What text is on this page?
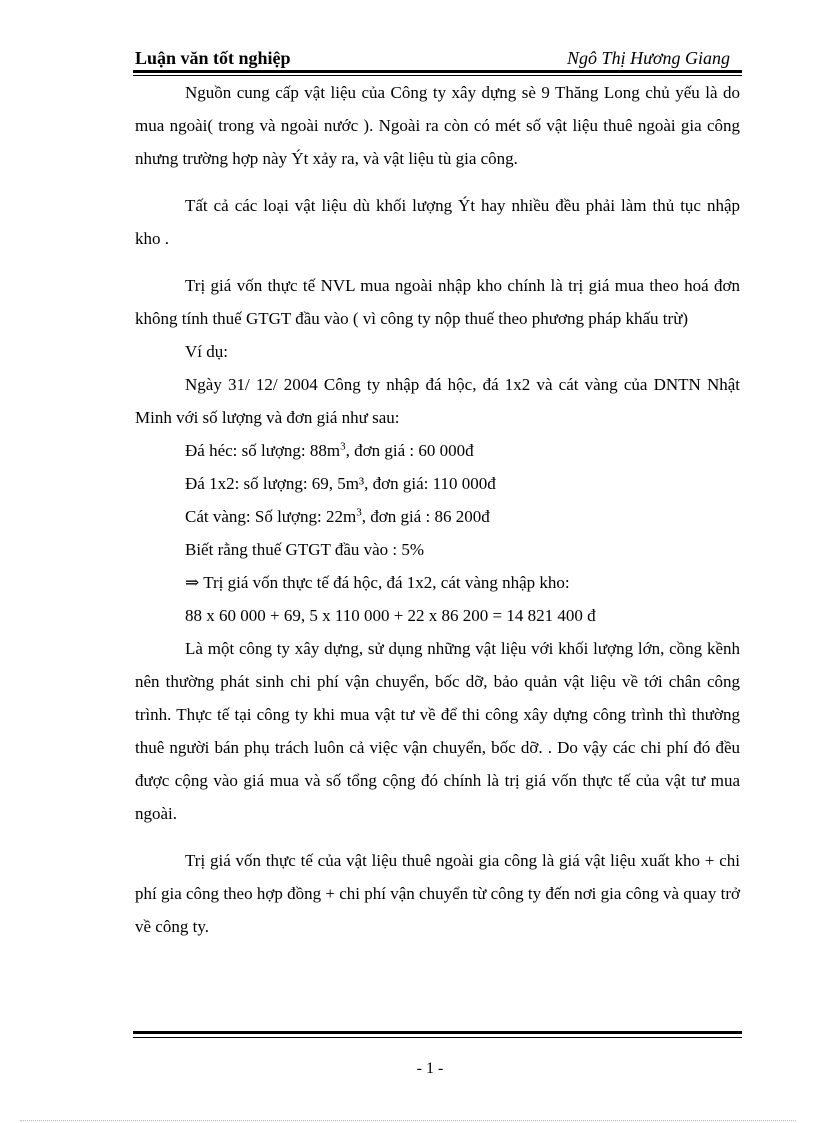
Luận văn tốt nghiệp	Ngô Thị Hương Giang

Nguồn cung cấp vật liệu của Công ty xây dựng sè 9 Thăng Long chủ yếu là do mua ngoài( trong và ngoài nước ). Ngoài ra còn có mét số vật liệu thuê ngoài gia công nhưng trường hợp này Ýt xảy ra, và vật liệu tù gia công.

Tất cả các loại vật liệu dù khối lượng Ýt hay nhiều đều phải làm thủ tục nhập kho .

Trị giá vốn thực tế NVL mua ngoài nhập kho chính là trị giá mua theo hoá đơn không tính thuế GTGT đầu vào ( vì công ty nộp thuế theo phương pháp khấu trừ)

Ví dụ:

Ngày 31/ 12/ 2004 Công ty nhập đá hộc, đá 1x2 và cát vàng của DNTN Nhật Minh với số lượng và đơn giá như sau:

Đá héc: số lượng: $88m^3$, đơn giá : 60 000đ

Đá 1x2: số lượng: 69, 5m³, đơn giá: 110 000đ

Cát vàng: Số lượng: $22m^3$, đơn giá : 86 200đ

Biết rằng thuế GTGT đầu vào : 5%

⇒ Trị giá vốn thực tế đá hộc, đá 1x2, cát vàng nhập kho:

88 x 60 000 + 69, 5 x 110 000 + 22 x 86 200 = 14 821 400 đ

Là một công ty xây dựng, sử dụng những vật liệu với khối lượng lớn, cồng kềnh nên thường phát sinh chi phí vận chuyển, bốc dỡ, bảo quản vật liệu về tới chân công trình. Thực tế tại công ty khi mua vật tư về để thi công xây dựng công trình thì thường thuê người bán phụ trách luôn cả việc vận chuyển, bốc dỡ. . Do vậy các chi phí đó đều được cộng vào giá mua và số tổng cộng đó chính là trị giá vốn thực tế của vật tư mua ngoài.

Trị giá vốn thực tế của vật liệu thuê ngoài gia công là giá vật liệu xuất kho + chi phí gia công theo hợp đồng + chi phí vận chuyển từ công ty đến nơi gia công và quay trở về công ty.

- 1 -
